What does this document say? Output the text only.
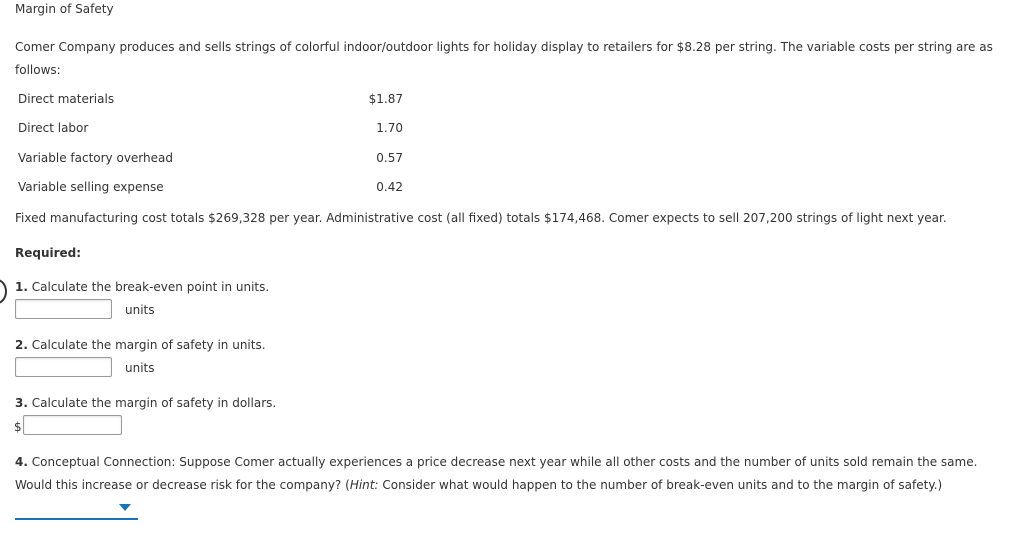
Margin of Safety
Comer Company produces and sells strings of colorful indoor/outdoor lights for holiday display to retailers for $8.28 per string. The variable costs per string are as follows:
Direct materials	$1.87
Direct labor	1.70
Variable factory overhead	0.57
Variable selling expense	0.42
Fixed manufacturing cost totals $269,328 per year. Administrative cost (all fixed) totals $174,468. Comer expects to sell 207,200 strings of light next year.
Required:
1. Calculate the break-even point in units.
units
2. Calculate the margin of safety in units.
units
3. Calculate the margin of safety in dollars.
$
4. Conceptual Connection: Suppose Comer actually experiences a price decrease next year while all other costs and the number of units sold remain the same. Would this increase or decrease risk for the company? (Hint: Consider what would happen to the number of break-even units and to the margin of safety.)
